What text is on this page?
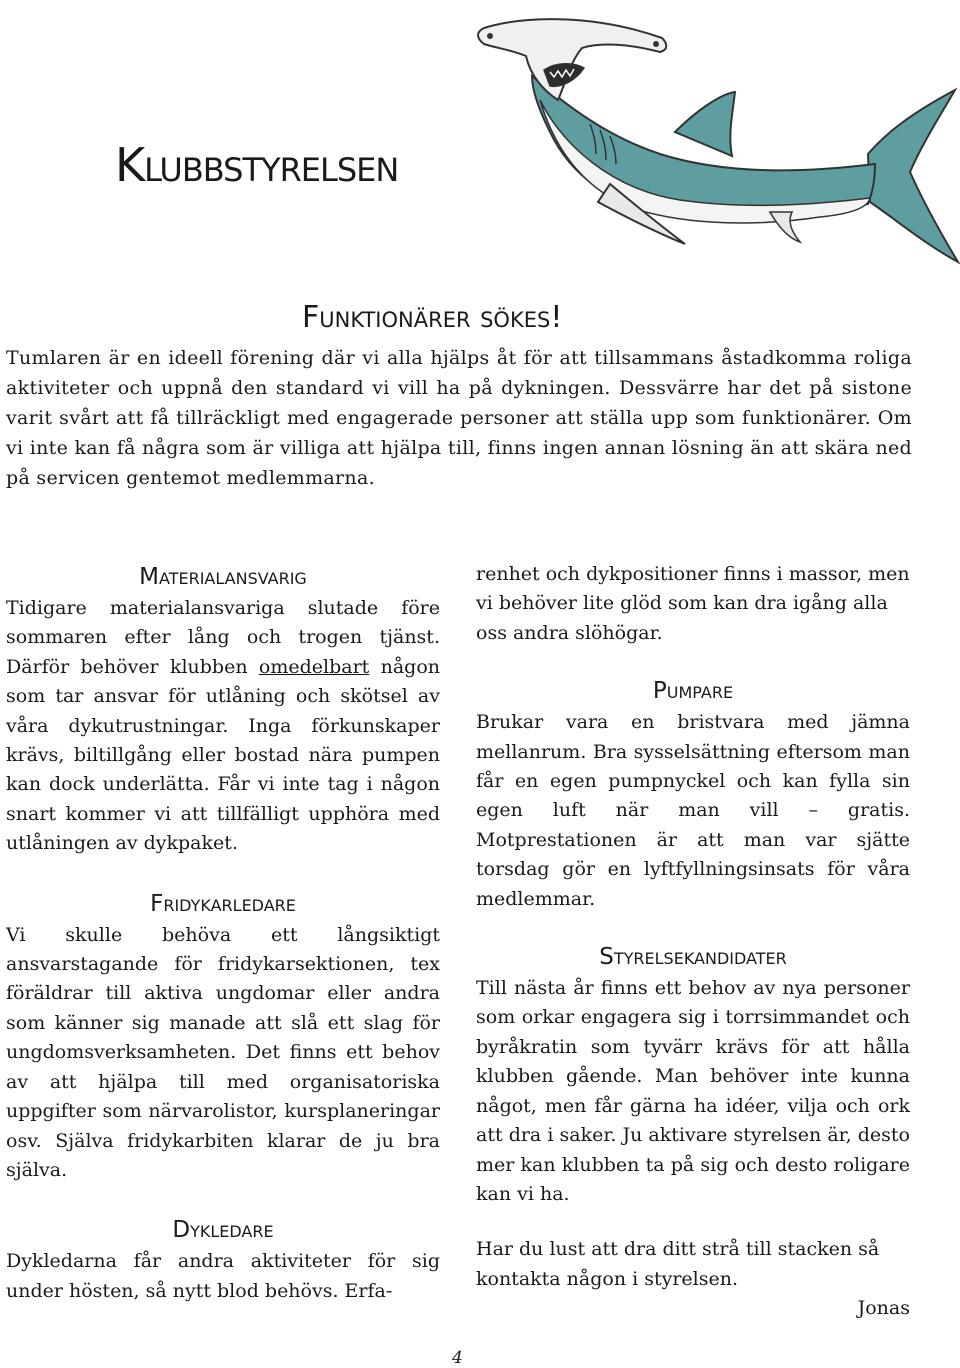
Klubbstyrelsen
Funktionärer sökes!

Tumlaren är en ideell förening där vi alla hjälps åt för att tillsammans åstadkomma roliga aktiviteter och uppnå den standard vi vill ha på dykningen. Dessvärre har det på sistone varit svårt att få tillräckligt med engagerade personer att ställa upp som funktionärer. Om vi inte kan få några som är villiga att hjälpa till, finns ingen annan lösning än att skära ned på servicen gentemot medlemmarna.

Materialansvarig

Tidigare materialansvariga slutade före sommaren efter lång och trogen tjänst. Därför behöver klubben omedelbart någon som tar ansvar för utlåning och skötsel av våra dykutrustningar. Inga förkunskaper krävs, biltillgång eller bostad nära pumpen kan dock underlätta. Får vi inte tag i någon snart kommer vi att tillfälligt upphöra med utlåningen av dykpaket.

Fridykarledare

Vi skulle behöva ett långsiktigt ansvarstagande för fridykarsektionen, tex föräldrar till aktiva ungdomar eller andra som känner sig manade att slå ett slag för ungdomsverksamheten. Det finns ett behov av att hjälpa till med organisatoriska uppgifter som närvarolistor, kursplaneringar osv. Själva fridykarbiten klarar de ju bra själva.

Dykledare

Dykledarna får andra aktiviteter för sig under hösten, så nytt blod behövs. Erfa-

renhet och dykpositioner finns i massor, men vi behöver lite glöd som kan dra igång alla oss andra slöhögar.

Pumpare

Brukar vara en bristvara med jämna mellanrum. Bra sysselsättning eftersom man får en egen pumpnyckel och kan fylla sin egen luft när man vill – gratis. Motprestationen är att man var sjätte torsdag gör en lyftfyllningsinsats för våra medlemmar.

Styrelsekandidater

Till nästa år finns ett behov av nya personer som orkar engagera sig i torrsimmandet och byråkratin som tyvärr krävs för att hålla klubben gående. Man behöver inte kunna något, men får gärna ha idéer, vilja och ork att dra i saker. Ju aktivare styrelsen är, desto mer kan klubben ta på sig och desto roligare kan vi ha.

Har du lust att dra ditt strå till stacken så kontakta någon i styrelsen.

Jonas

4
